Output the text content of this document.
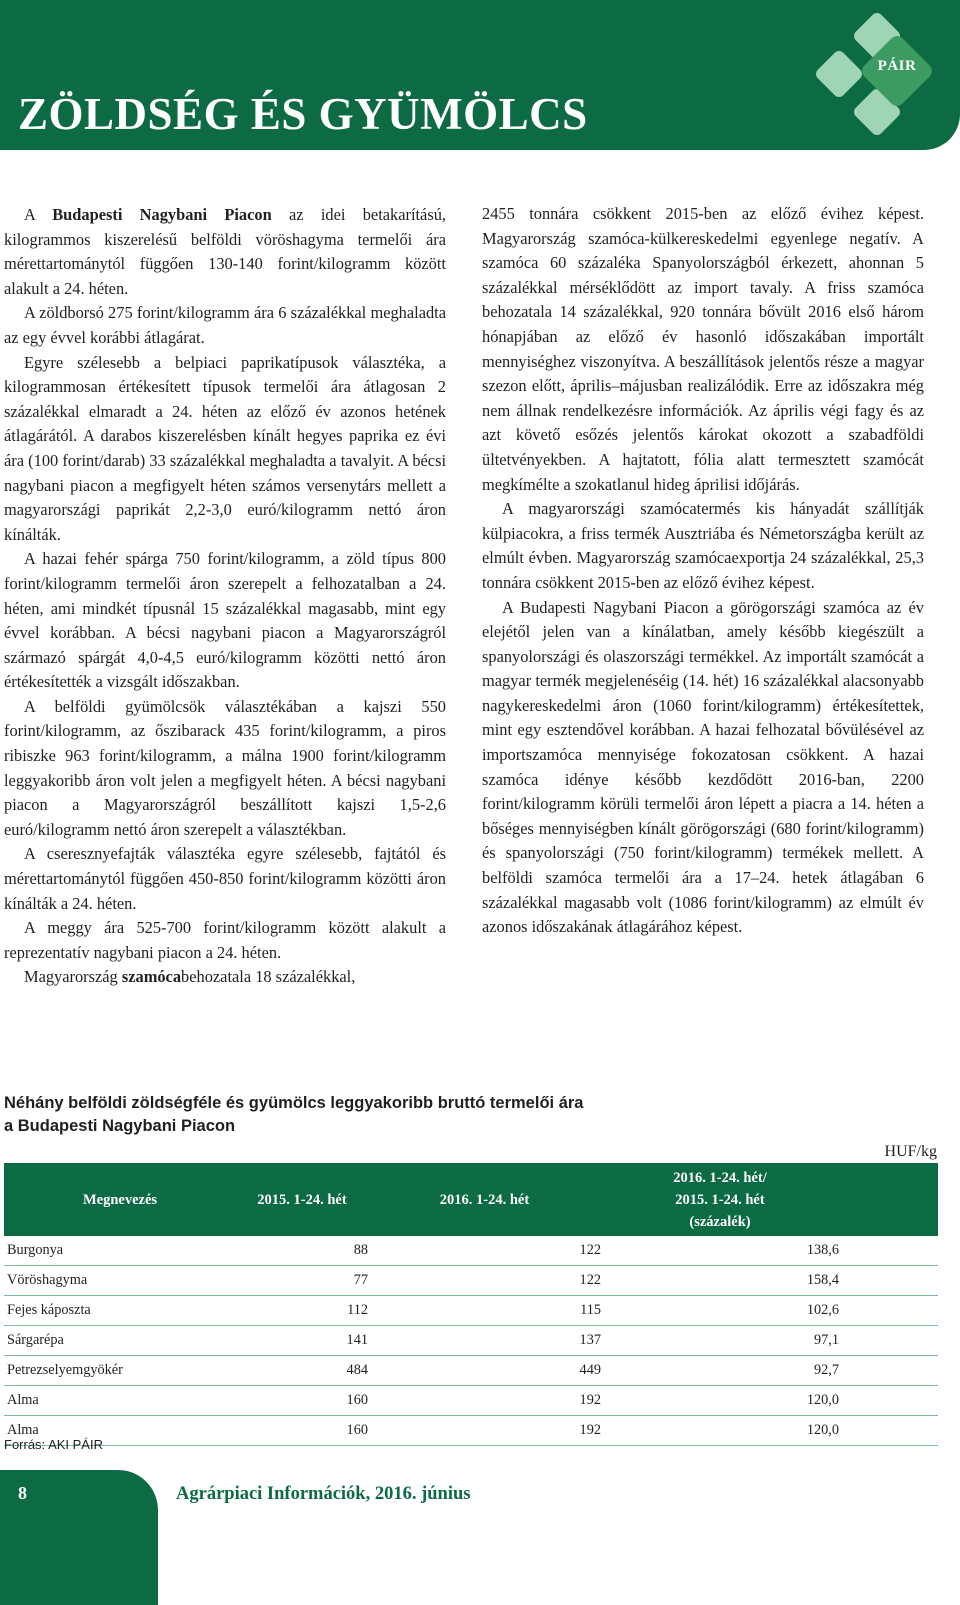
ZÖLDSÉG ÉS GYÜMÖLCS
PÁIR

A Budapesti Nagybani Piacon az idei betakarítású, kilogrammos kiszerelésű belföldi vöröshagyma termelői ára mérettartománytól függően 130-140 forint/kilogramm között alakult a 24. héten.

A zöldborsó 275 forint/kilogramm ára 6 százalékkal meghaladta az egy évvel korábbi átlagárat.

Egyre szélesebb a belpiaci paprikatípusok választéka, a kilogrammosan értékesített típusok termelői ára átlagosan 2 százalékkal elmaradt a 24. héten az előző év azonos hetének átlagárától. A darabos kiszerelésben kínált hegyes paprika ez évi ára (100 forint/darab) 33 százalékkal meghaladta a tavalyit. A bécsi nagybani piacon a megfigyelt héten számos versenytárs mellett a magyarországi paprikát 2,2-3,0 euró/kilogramm nettó áron kínálták.

A hazai fehér spárga 750 forint/kilogramm, a zöld típus 800 forint/kilogramm termelői áron szerepelt a felhozatalban a 24. héten, ami mindkét típusnál 15 százalékkal magasabb, mint egy évvel korábban. A bécsi nagybani piacon a Magyarországról származó spárgát 4,0-4,5 euró/kilogramm közötti nettó áron értékesítették a vizsgált időszakban.

A belföldi gyümölcsök választékában a kajszi 550 forint/kilogramm, az őszibarack 435 forint/kilogramm, a piros ribiszke 963 forint/kilogramm, a málna 1900 forint/kilogramm leggyakoribb áron volt jelen a megfigyelt héten. A bécsi nagybani piacon a Magyarországról beszállított kajszi 1,5-2,6 euró/kilogramm nettó áron szerepelt a választékban.

A cseresznyefajták választéka egyre szélesebb, fajtától és mérettartománytól függően 450-850 forint/kilogramm közötti áron kínálták a 24. héten.

A meggy ára 525-700 forint/kilogramm között alakult a reprezentatív nagybani piacon a 24. héten.

Magyarország szamócabehozatala 18 százalékkal,

2455 tonnára csökkent 2015-ben az előző évihez képest. Magyarország szamóca-külkereskedelmi egyenlege negatív. A szamóca 60 százaléka Spanyolországból érkezett, ahonnan 5 százalékkal mérséklődött az import tavaly. A friss szamóca behozatala 14 százalékkal, 920 tonnára bővült 2016 első három hónapjában az előző év hasonló időszakában importált mennyiséghez viszonyítva. A beszállítások jelentős része a magyar szezon előtt, április–májusban realizálódik. Erre az időszakra még nem állnak rendelkezésre információk. Az április végi fagy és az azt követő esőzés jelentős károkat okozott a szabadföldi ültetvényekben. A hajtatott, fólia alatt termesztett szamócát megkímélte a szokatlanul hideg áprilisi időjárás.

A magyarországi szamócatermés kis hányadát szállítják külpiacokra, a friss termék Ausztriába és Németországba került az elmúlt évben. Magyarország szamócaexportja 24 százalékkal, 25,3 tonnára csökkent 2015-ben az előző évihez képest.

A Budapesti Nagybani Piacon a görögországi szamóca az év elejétől jelen van a kínálatban, amely később kiegészült a spanyolországi és olaszországi termékkel. Az importált szamócát a magyar termék megjelenéséig (14. hét) 16 százalékkal alacsonyabb nagykereskedelmi áron (1060 forint/kilogramm) értékesítettek, mint egy esztendővel korábban. A hazai felhozatal bővülésével az importszamóca mennyisége fokozatosan csökkent. A hazai szamóca idénye később kezdődött 2016-ban, 2200 forint/kilogramm körüli termelői áron lépett a piacra a 14. héten a bőséges mennyiségben kínált görögországi (680 forint/kilogramm) és spanyolországi (750 forint/kilogramm) termékek mellett. A belföldi szamóca termelői ára a 17–24. hetek átlagában 6 százalékkal magasabb volt (1086 forint/kilogramm) az elmúlt év azonos időszakának átlagárához képest.

Néhány belföldi zöldségféle és gyümölcs leggyakoribb bruttó termelői ára
a Budapesti Nagybani Piacon
HUF/kg
Megnevezés	2015. 1-24. hét	2016. 1-24. hét	2016. 1-24. hét/
2015. 1-24. hét
(százalék)	

Burgonya	88	122	138,6	
Vöröshagyma	77	122	158,4	
Fejes káposzta	112	115	102,6	
Sárgarépa	141	137	97,1	
Petrezselyemgyökér	484	449	92,7	
Alma	160	192	120,0	
Alma	160	192	120,0	
Forrás: AKI PÁIR
8	Agrárpiaci Információk, 2016. június
